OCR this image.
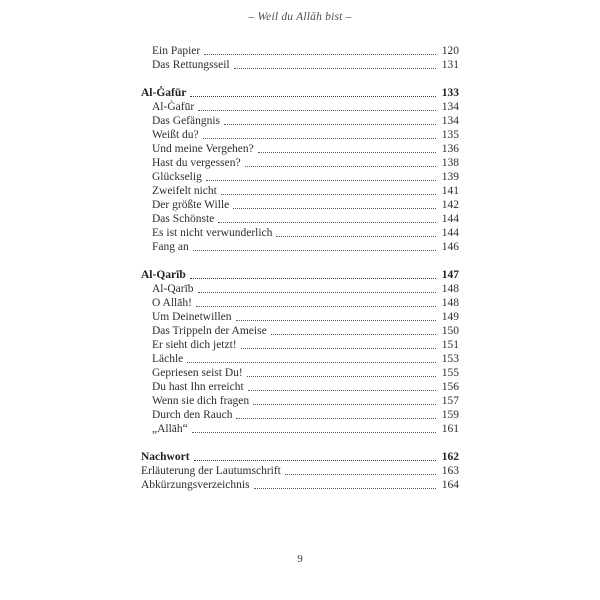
– Weil du Allāh bist –
Ein Papier	120
Das Rettungsseil	131
Al-Ġafūr	133
Al-Ġafūr	134
Das Gefängnis	134
Weißt du?	135
Und meine Vergehen?	136
Hast du vergessen?	138
Glückselig	139
Zweifelt nicht	141
Der größte Wille	142
Das Schönste	144
Es ist nicht verwunderlich	144
Fang an	146
Al-Qarīb	147
Al-Qarīb	148
O Allāh!	148
Um Deinetwillen	149
Das Trippeln der Ameise	150
Er sieht dich jetzt!	151
Lächle	153
Gepriesen seist Du!	155
Du hast Ihn erreicht	156
Wenn sie dich fragen	157
Durch den Rauch	159
„Allāh“	161
Nachwort	162
Erläuterung der Lautumschrift	163
Abkürzungsverzeichnis	164
9
